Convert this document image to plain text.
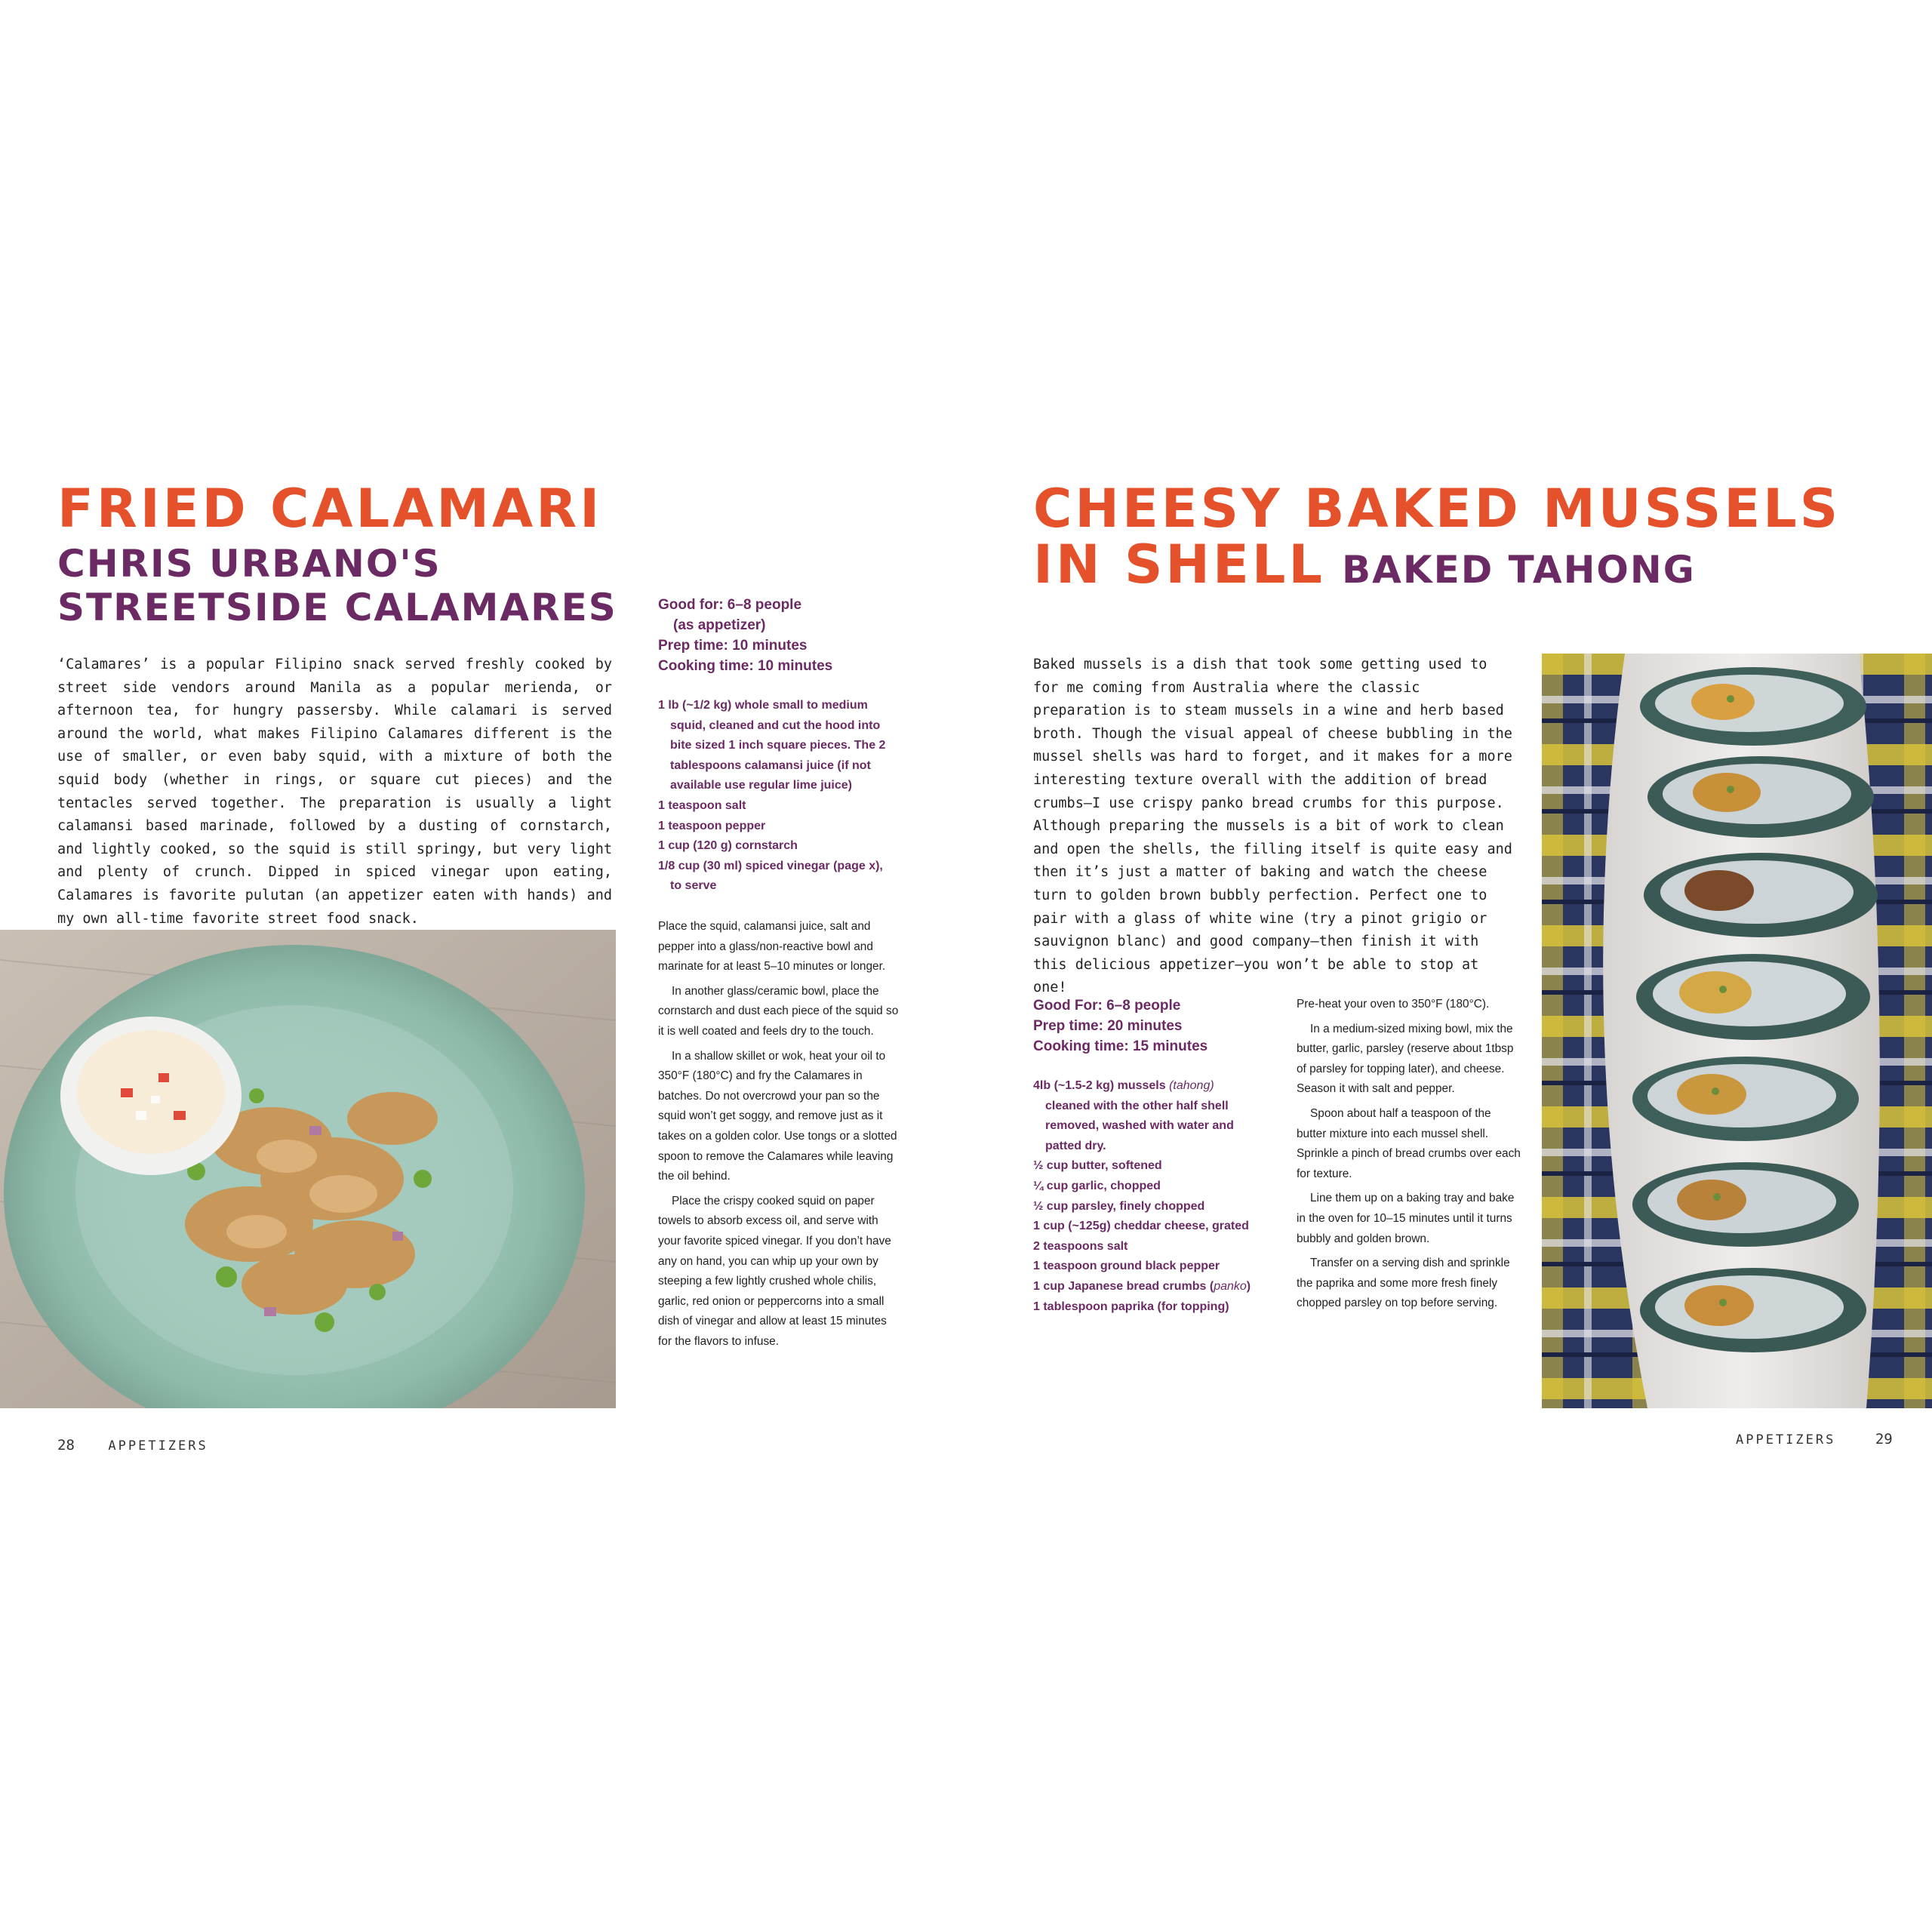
FRIED CALAMARI
CHRIS URBANO'S
STREETSIDE CALAMARES

‘Calamares’ is a popular Filipino snack served freshly cooked by street side vendors around Manila as a popular merienda, or afternoon tea, for hungry passersby. While calamari is served around the world, what makes Filipino Calamares different is the use of smaller, or even baby squid, with a mixture of both the squid body (whether in rings, or square cut pieces) and the tentacles served together. The preparation is usually a light calamansi based marinade, followed by a dusting of cornstarch, and lightly cooked, so the squid is still springy, but very light and plenty of crunch. Dipped in spiced vinegar upon eating, Calamares is favorite pulutan (an appetizer eaten with hands) and my own all-time favorite street food snack.

Good for: 6–8 people
(as appetizer)
Prep time: 10 minutes
Cooking time: 10 minutes
1 lb (~1/2 kg) whole small to medium squid, cleaned and cut the hood into bite sized 1 inch square pieces. The 2 tablespoons calamansi juice (if not available use regular lime juice)
1 teaspoon salt
1 teaspoon pepper
1 cup (120 g) cornstarch
1/8 cup (30 ml) spiced vinegar (page x), to serve

Place the squid, calamansi juice, salt and pepper into a glass/non-reactive bowl and marinate for at least 5–10 minutes or longer.

In another glass/ceramic bowl, place the cornstarch and dust each piece of the squid so it is well coated and feels dry to the touch.

In a shallow skillet or wok, heat your oil to 350°F (180°C) and fry the Calamares in batches. Do not overcrowd your pan so the squid won’t get soggy, and remove just as it takes on a golden color. Use tongs or a slotted spoon to remove the Calamares while leaving the oil behind.

Place the crispy cooked squid on paper towels to absorb excess oil, and serve with your favorite spiced vinegar. If you don’t have any on hand, you can whip up your own by steeping a few lightly crushed whole chilis, garlic, red onion or peppercorns into a small dish of vinegar and allow at least 15 minutes for the flavors to infuse.

28	APPETIZERS
CHEESY BAKED MUSSELS
IN SHELL BAKED TAHONG

Baked mussels is a dish that took some getting used to for me coming from Australia where the classic preparation is to steam mussels in a wine and herb based broth. Though the visual appeal of cheese bubbling in the mussel shells was hard to forget, and it makes for a more interesting texture overall with the addition of bread crumbs—I use crispy panko bread crumbs for this purpose. Although preparing the mussels is a bit of work to clean and open the shells, the filling itself is quite easy and then it’s just a matter of baking and watch the cheese turn to golden brown bubbly perfection. Perfect one to pair with a glass of white wine (try a pinot grigio or sauvignon blanc) and good company—then finish it with this delicious appetizer—you won’t be able to stop at one!

Good For: 6–8 people
Prep time: 20 minutes
Cooking time: 15 minutes
4lb (~1.5-2 kg) mussels (tahong) cleaned with the other half shell removed, washed with water and patted dry.
½ cup butter, softened
¼ cup garlic, chopped
½ cup parsley, finely chopped
1 cup (~125g) cheddar cheese, grated
2 teaspoons salt
1 teaspoon ground black pepper
1 cup Japanese bread crumbs (panko)
1 tablespoon paprika (for topping)

Pre-heat your oven to 350°F (180°C).

In a medium-sized mixing bowl, mix the butter, garlic, parsley (reserve about 1tbsp of parsley for topping later), and cheese. Season it with salt and pepper.

Spoon about half a teaspoon of the butter mixture into each mussel shell. Sprinkle a pinch of bread crumbs over each for texture.

Line them up on a baking tray and bake in the oven for 10–15 minutes until it turns bubbly and golden brown.

Transfer on a serving dish and sprinkle the paprika and some more fresh finely chopped parsley on top before serving.

APPETIZERS	29
